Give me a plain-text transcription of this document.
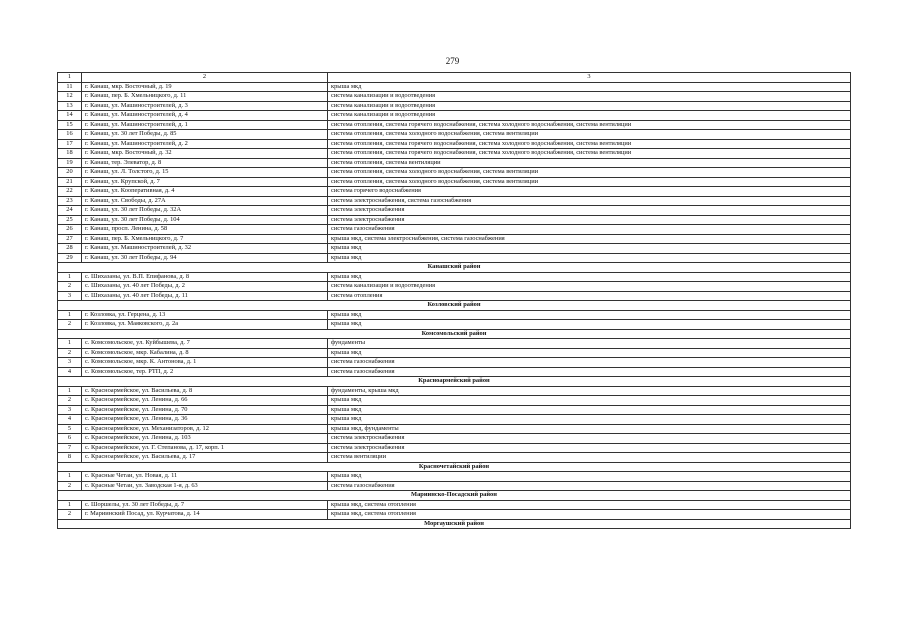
279
1	2	3
11	г. Канаш, мкр. Восточный, д. 19	крыша мкд
12	г. Канаш, пер. Б. Хмельницкого, д. 11	система канализации и водоотведения
13	г. Канаш, ул. Машиностроителей, д. 3	система канализации и водоотведения
14	г. Канаш, ул. Машиностроителей, д. 4	система канализации и водоотведения
15	г. Канаш, ул. Машиностроителей, д. 1	система отопления, система горячего водоснабжения, система холодного водоснабжения, система вентиляции
16	г. Канаш, ул. 30 лет Победы, д. 85	система отопления, система холодного водоснабжения, система вентиляции
17	г. Канаш, ул. Машиностроителей, д. 2	система отопления, система горячего водоснабжения, система холодного водоснабжения, система вентиляции
18	г. Канаш, мкр. Восточный, д. 32	система отопления, система горячего водоснабжения, система холодного водоснабжения, система вентиляции
19	г. Канаш, тер. Элеватор, д. 8	система отопления, система вентиляции
20	г. Канаш, ул. Л. Толстого, д. 15	система отопления, система холодного водоснабжения, система вентиляции
21	г. Канаш, ул. Крупской, д. 7	система отопления, система холодного водоснабжения, система вентиляции
22	г. Канаш, ул. Кооперативная, д. 4	система горячего водоснабжения
23	г. Канаш, ул. Свободы, д. 27А	система электроснабжения, система газоснабжения
24	г. Канаш, ул. 30 лет Победы, д. 32А	система электроснабжения
25	г. Канаш, ул. 30 лет Победы, д. 104	система электроснабжения
26	г. Канаш, просп. Ленина, д. 58	система газоснабжения
27	г. Канаш, пер. Б. Хмельницкого, д. 7	крыша мкд, система электроснабжения, система газоснабжения
28	г. Канаш, ул. Машиностроителей, д. 32	крыша мкд
29	г. Канаш, ул. 30 лет Победы, д. 94	крыша мкд
Канашский район		
1	с. Шихазаны, ул. В.П. Епифанова, д. 8	крыша мкд
2	с. Шихазаны, ул. 40 лет Победы, д. 2	система канализации и водоотведения
3	с. Шихазаны, ул. 40 лет Победы, д. 11	система отопления
Козловский район		
1	г. Козловка, ул. Герцена, д. 13	крыша мкд
2	г. Козловка, ул. Маяковского, д. 2а	крыша мкд
Комсомольский район		
1	с. Комсомольское, ул. Куйбышева, д. 7	фундаменты
2	с. Комсомольское, мкр. Кабалина, д. 8	крыша мкд
3	с. Комсомольское, мкр. К. Антонова, д. 1	система газоснабжения
4	с. Комсомольское, тер. РТП, д. 2	система газоснабжения
Красноармейский район		
1	с. Красноармейское, ул. Васильева, д. 8	фундаменты, крыша мкд
2	с. Красноармейское, ул. Ленина, д. 66	крыша мкд
3	с. Красноармейское, ул. Ленина, д. 70	крыша мкд
4	с. Красноармейское, ул. Ленина, д. 36	крыша мкд
5	с. Красноармейское, ул. Механизаторов, д. 12	крыша мкд, фундаменты
6	с. Красноармейское, ул. Ленина, д. 103	система электроснабжения
7	с. Красноармейское, ул. Г. Степанова, д. 17, корп. 1	система электроснабжения
8	с. Красноармейское, ул. Васильева, д. 17	система вентиляции
Красночетайский район		
1	с. Красные Четаи, ул. Новая, д. 11	крыша мкд
2	с. Красные Четаи, ул. Заводская 1-я, д. 63	система газоснабжения
Мариинско-Посадский район		
1	с. Шоршелы, ул. 30 лет Победы, д. 7	крыша мкд, система отопления
2	г. Мариинский Посад, ул. Курчатова, д. 14	крыша мкд, система отопления
Моргаушский район		
